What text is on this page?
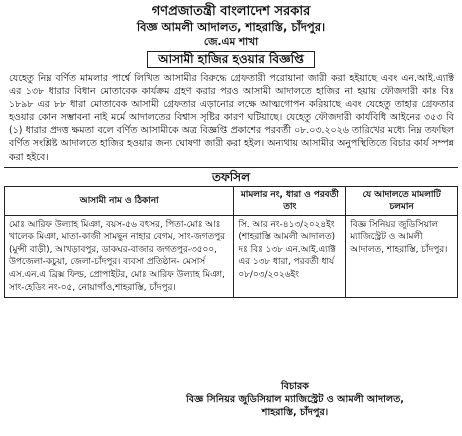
গণপ্রজাতন্ত্রী বাংলাদেশ সরকার
বিজ্ঞ আমলী আদালত, শাহরাস্তি, চাঁদপুর।
জে.এম শাখা
আসামী হাজির হওয়ার বিজ্ঞপ্তি

যেহেতু নিম্ন বর্ণিত মামলার পার্শ্বে লিখিত আসামীর বিরুদ্ধে গ্রেফতারী পরোয়ানা জারী করা হইয়াছে এবং এন.আই.এ্যাক্ট এর ১৩৮ ধারার বিধান মোতাবেক কার্যক্রম গ্রহণ করার পরও আসামী আদালতে হাজির না হয়ায় ফৌজদারী কাঃ বিঃ ১৮৯৮ এর ৮৮ ধারা মোতাবেক আসামী গ্রেফতার এড়ানোর লক্ষে আত্মগোপন করিয়াছে এবং যেহেতু তাহার গ্রেফতার হওয়ার কোন সম্ভাবনা নাই মর্মে আদালতের বিশ্বাস সৃষ্টির কারণ ঘটিয়াছে। যেহেতু ফৌজদারী কার্যবিধি আইনের ৩৫৩ বি (১) ধারার প্রদত্ত ক্ষমতা বলে বর্ণিত আসামীকে অত্র বিজ্ঞপ্তি প্রকাশের পরবর্তী ০৮.০৩.২০২৬ তারিখের মধ্যে নিম্ন তফছিল বর্ণিত সংশ্লিষ্ট আদালতে হাজির হওয়ার জন্য ঘোষণা জারী করা হইল। অন্যথায় আসামীর অনুপস্থিতিতে বিচার কার্য সম্পন্ন করা হইবে।

তফসিল
আসামী নাম ও ঠিকানা	মামলার নং, ধারা ও পরবর্তী তাং	যে আদালতে মামলাটি চলমান
মোঃ আরিফ উল্যাহ মিঞা, বয়স-৫৬ বৎসর, পিতা-মোঃ আঃ খালেক মিঞা, মাতা-কাজী সামছুন নাহার বেগম, সাং-জগতপুর (মুন্সী বাড়ী), আখড়াবপুর, ডাকঘর-বাজার জগতপুর-৩৫০০, উপজেলা-কচুয়া, জেলা-চাঁদপুর। ব্যবসা প্রতিষ্ঠান- মেসার্স এস.এন.এ ব্রিক্স ফিল্ড, প্রোপাইটর, মোঃ আরিফ উল্যাহ মিঞা, সাং-হেডিং নং-০৫, নোয়াগাঁও,শাহরাস্তি, চাঁদপুর।	সি. আর নং-৪১৩/২০২৪ইং (শাহরাস্তি আমলী আদালত) দঃ বিঃ ১৩৮ এন.আই.এ্যাক্ট এর ১৩৮ ধারা, পরবর্তী ধার্য ০৮/০৩/২০২৬ইং	বিজ্ঞ সিনিয়র জুডিসিয়াল ম্যাজিস্ট্রেট ও আমলী আদালত, শাহরাস্তি, চাঁদপুর।
বিচারক
বিজ্ঞ সিনিয়র জুডিসিয়াল ম্যাজিস্ট্রেট ও আমলী আদালত,
শাহরাস্তি, চাঁদপুর।
